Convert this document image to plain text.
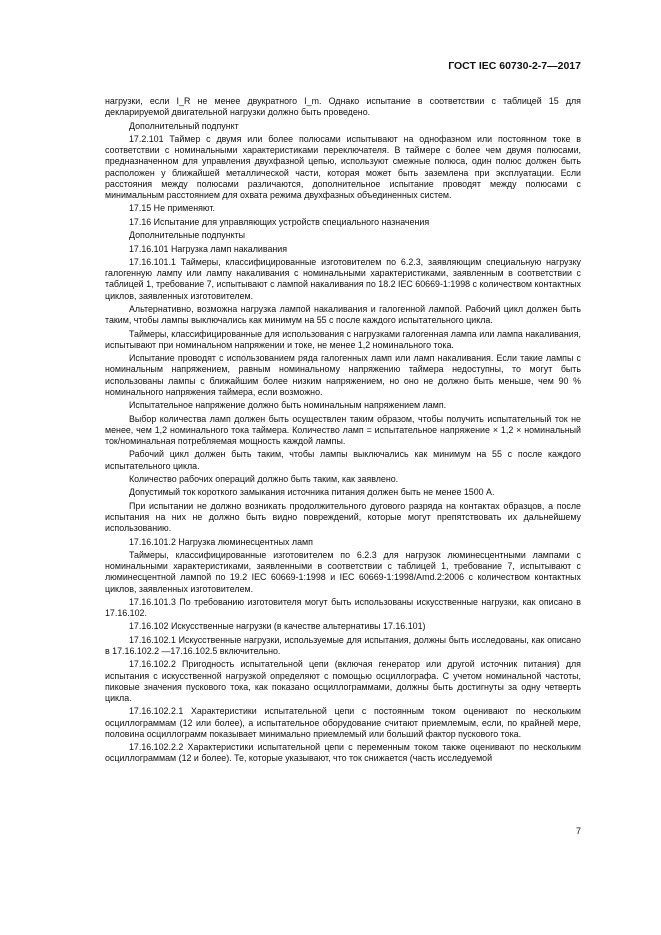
ГОСТ IEC 60730-2-7—2017

нагрузки, если I_R не менее двукратного I_m. Однако испытание в соответствии с таблицей 15 для декларируемой двигательной нагрузки должно быть проведено.

Дополнительный подпункт

17.2.101 Таймер с двумя или более полюсами испытывают на однофазном или постоянном токе в соответствии с номинальными характеристиками переключателя. В таймере с более чем двумя полюсами, предназначенном для управления двухфазной цепью, используют смежные полюса, один полюс должен быть расположен у ближайшей металлической части, которая может быть заземлена при эксплуатации. Если расстояния между полюсами различаются, дополнительное испытание проводят между полюсами с минимальным расстоянием для охвата режима двухфазных объединенных систем.

17.15 Не применяют.

17.16 Испытание для управляющих устройств специального назначения

Дополнительные подпункты

17.16.101 Нагрузка ламп накаливания

17.16.101.1 Таймеры, классифицированные изготовителем по 6.2.3, заявляющим специальную нагрузку галогенную лампу или лампу накаливания с номинальными характеристиками, заявленным в соответствии с таблицей 1, требование 7, испытывают с лампой накаливания по 18.2 IEC 60669-1:1998 с количеством контактных циклов, заявленных изготовителем.

Альтернативно, возможна нагрузка лампой накаливания и галогенной лампой. Рабочий цикл должен быть таким, чтобы лампы выключались как минимум на 55 с после каждого испытательного цикла.

Таймеры, классифицированные для использования с нагрузками галогенная лампа или лампа накаливания, испытывают при номинальном напряжении и токе, не менее 1,2 номинального тока.

Испытание проводят с использованием ряда галогенных ламп или ламп накаливания. Если такие лампы с номинальным напряжением, равным номинальному напряжению таймера недоступны, то могут быть использованы лампы с ближайшим более низким напряжением, но оно не должно быть меньше, чем 90 % номинального напряжения таймера, если возможно.

Испытательное напряжение должно быть номинальным напряжением ламп.

Выбор количества ламп должен быть осуществлен таким образом, чтобы получить испытательный ток не менее, чем 1,2 номинального тока таймера. Количество ламп = испытательное напряжение × 1,2 × номинальный ток/номинальная потребляемая мощность каждой лампы.

Рабочий цикл должен быть таким, чтобы лампы выключались как минимум на 55 с после каждого испытательного цикла.

Количество рабочих операций должно быть таким, как заявлено.

Допустимый ток короткого замыкания источника питания должен быть не менее 1500 А.

При испытании не должно возникать продолжительного дугового разряда на контактах образцов, а после испытания на них не должно быть видно повреждений, которые могут препятствовать их дальнейшему использованию.

17.16.101.2 Нагрузка люминесцентных ламп

Таймеры, классифицированные изготовителем по 6.2.3 для нагрузок люминесцентными лампами с номинальными характеристиками, заявленными в соответствии с таблицей 1, требование 7, испытывают с люминесцентной лампой по 19.2 IEC 60669-1:1998 и IEC 60669-1:1998/Amd.2:2006 с количеством контактных циклов, заявленных изготовителем.

17.16.101.3 По требованию изготовителя могут быть использованы искусственные нагрузки, как описано в 17.16.102.

17.16.102 Искусственные нагрузки (в качестве альтернативы 17.16.101)

17.16.102.1 Искусственные нагрузки, используемые для испытания, должны быть исследованы, как описано в 17.16.102.2 —17.16.102.5 включительно.

17.16.102.2 Пригодность испытательной цепи (включая генератор или другой источник питания) для испытания с искусственной нагрузкой определяют с помощью осциллографа. С учетом номинальной частоты, пиковые значения пускового тока, как показано осциллограммами, должны быть достигнуты за одну четверть цикла.

17.16.102.2.1 Характеристики испытательной цепи с постоянным током оценивают по нескольким осциллограммам (12 или более), а испытательное оборудование считают приемлемым, если, по крайней мере, половина осциллограмм показывает минимально приемлемый или больший фактор пускового тока.

17.16.102.2.2 Характеристики испытательной цепи с переменным током также оценивают по нескольким осциллограммам (12 и более). Те, которые указывают, что ток снижается (часть исследуемой

7
